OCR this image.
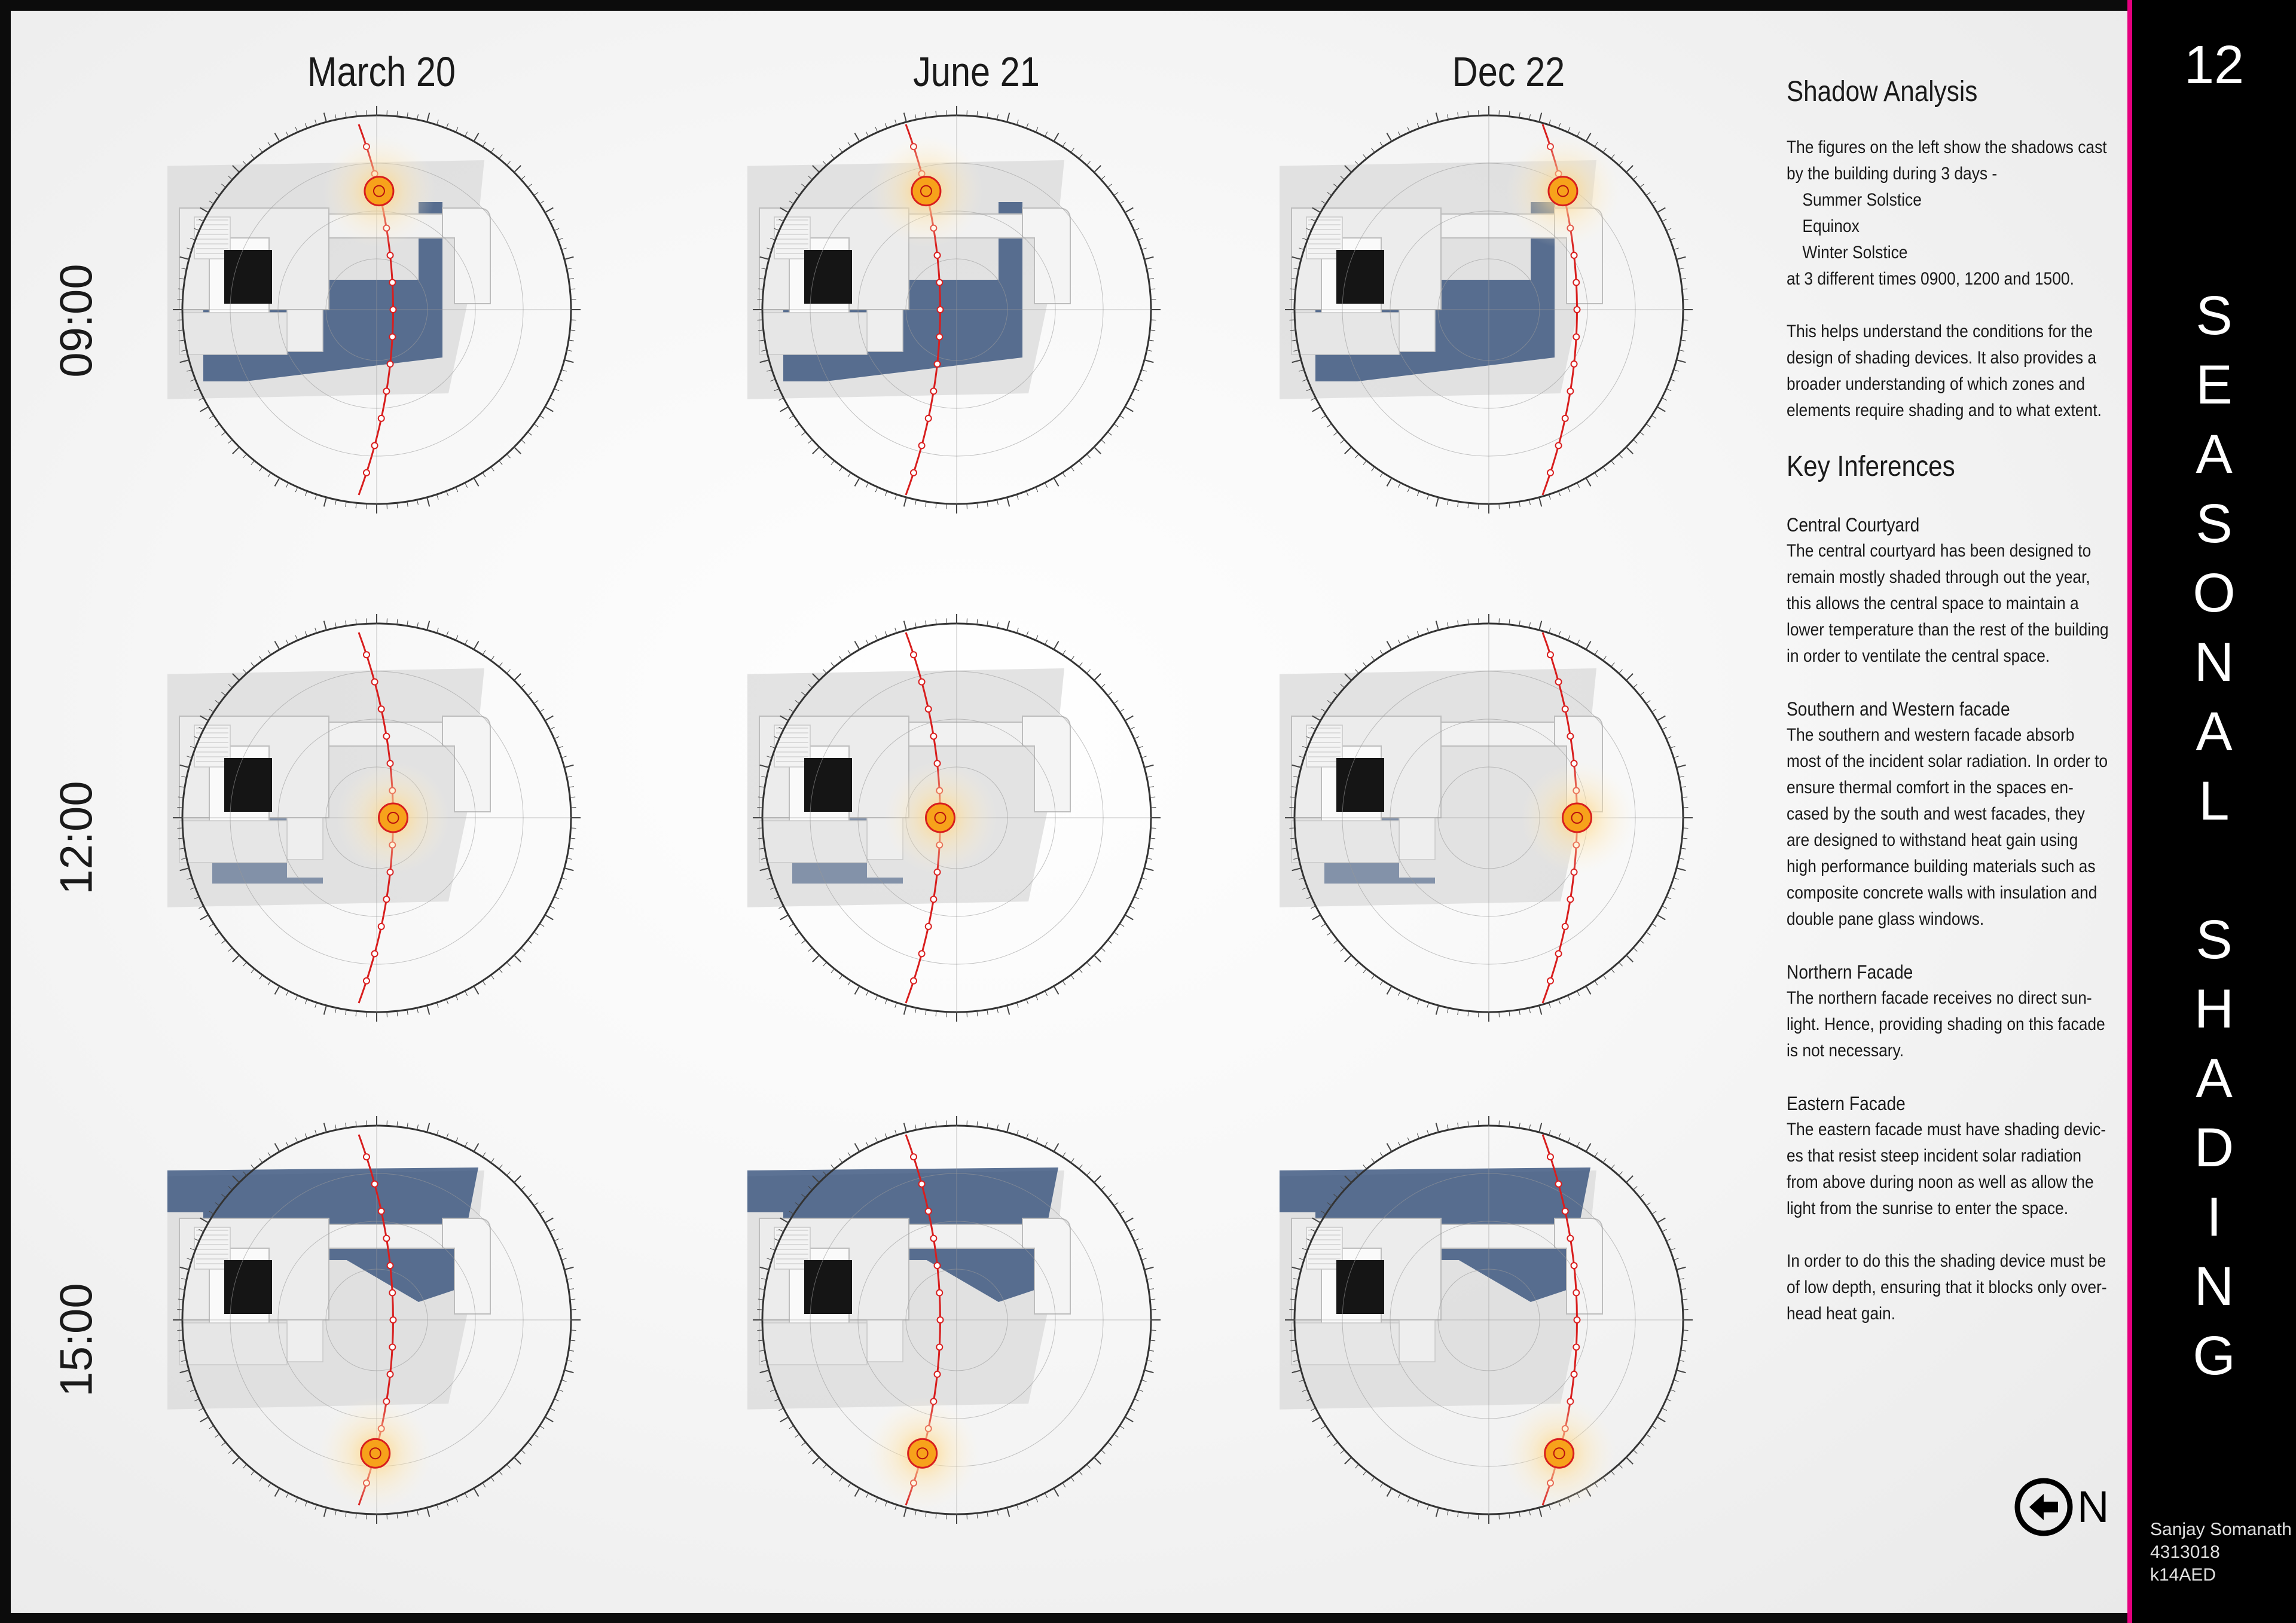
March 20	June 21	Dec 22
09:00
12:00
15:00
Shadow Analysis
The figures on the left show the shadows cast
by the building during 3 days -
Summer Solstice
Equinox
Winter Solstice
at 3 different times 0900, 1200 and 1500.
This helps understand the conditions for the
design of shading devices. It also provides a
broader understanding of which zones and
elements require shading and to what extent.
Key Inferences
Central Courtyard
The central courtyard has been designed to
remain mostly shaded through out the year,
this allows the central space to maintain a
lower temperature than the rest of the building
in order to ventilate the central space.
Southern and Western facade
The southern and western facade absorb
most of the incident solar radiation. In order to
ensure thermal comfort in the spaces en-
cased by the south and west facades, they
are designed to withstand heat gain using
high performance building materials such as
composite concrete walls with insulation and
double pane glass windows.
Northern Facade
The northern facade receives no direct sun-
light. Hence, providing shading on this facade
is not necessary.
Eastern Facade
The eastern facade must have shading devic-
es that resist steep incident solar radiation
from above during noon as well as allow the
light from the sunrise to enter the space.
In order to do this the shading device must be
of low depth, ensuring that it blocks only over-
head heat gain.
N
12
S
E
A
S
O
N
A
L
S
H
A
D
I
N
G
Sanjay Somanath
4313018
k14AED
